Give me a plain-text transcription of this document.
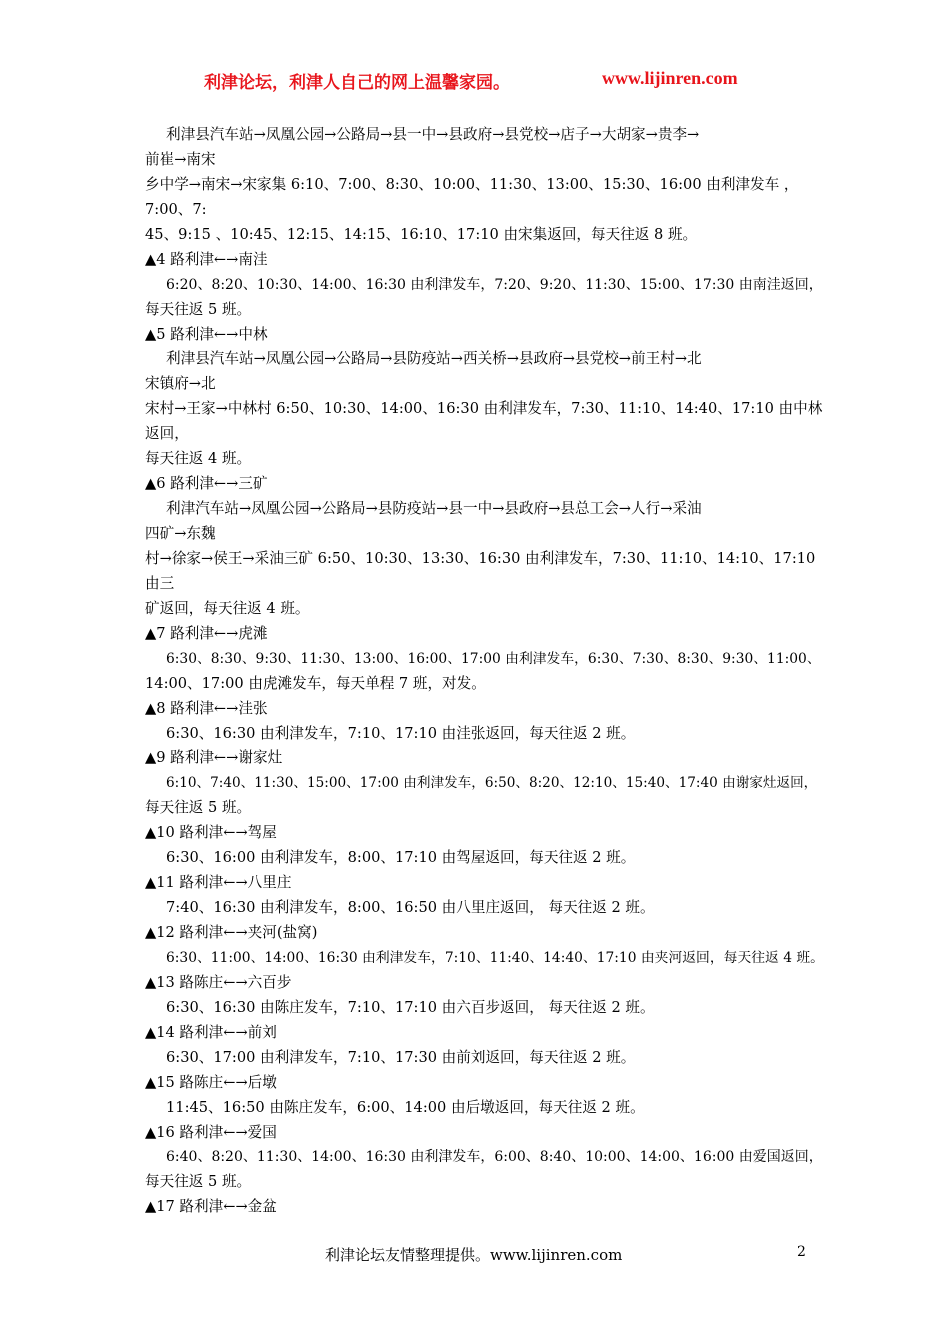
利津论坛，利津人自己的网上温馨家园。	www.lijinren.com
利津县汽车站→凤凰公园→公路局→县一中→县政府→县党校→店子→大胡家→贵李→
前崔→南宋
乡中学→南宋→宋家集 6:10、7:00、8:30、10:00、11:30、13:00、15:30、16:00 由利津发车 ，
7:00、7:
45、9:15 、10:45、12:15、14:15、16:10、17:10 由宋集返回，每天往返 8 班。
▲4 路利津←→南洼
6:20、8:20、10:30、14:00、16:30 由利津发车，7:20、9:20、11:30、15:00、17:30 由南洼返回，
每天往返 5 班。
▲5 路利津←→中林
利津县汽车站→凤凰公园→公路局→县防疫站→西关桥→县政府→县党校→前王村→北
宋镇府→北
宋村→王家→中林村 6:50、10:30、14:00、16:30 由利津发车，7:30、11:10、14:40、17:10 由中林
返回，
每天往返 4 班。
▲6 路利津←→三矿
利津汽车站→凤凰公园→公路局→县防疫站→县一中→县政府→县总工会→人行→采油
四矿→东魏
村→徐家→侯王→采油三矿 6:50、10:30、13:30、16:30 由利津发车，7:30、11:10、14:10、17:10
由三
矿返回，每天往返 4 班。
▲7 路利津←→虎滩
6:30、8:30、9:30、11:30、13:00、16:00、17:00 由利津发车，6:30、7:30、8:30、9:30、11:00、
14:00、17:00 由虎滩发车，每天单程 7 班，对发。
▲8 路利津←→洼张
6:30、16:30 由利津发车，7:10、17:10 由洼张返回，每天往返 2 班。
▲9 路利津←→谢家灶
6:10、7:40、11:30、15:00、17:00 由利津发车，6:50、8:20、12:10、15:40、17:40 由谢家灶返回，
每天往返 5 班。
▲10 路利津←→驾屋
6:30、16:00 由利津发车，8:00、17:10 由驾屋返回，每天往返 2 班。
▲11 路利津←→八里庄
7:40、16:30 由利津发车，8:00、16:50 由八里庄返回， 每天往返 2 班。
▲12 路利津←→夹河(盐窝)
6:30、11:00、14:00、16:30 由利津发车，7:10、11:40、14:40、17:10 由夹河返回，每天往返 4 班。
▲13 路陈庄←→六百步
6:30、16:30 由陈庄发车，7:10、17:10 由六百步返回， 每天往返 2 班。
▲14 路利津←→前刘
6:30、17:00 由利津发车，7:10、17:30 由前刘返回，每天往返 2 班。
▲15 路陈庄←→后墩
11:45、16:50 由陈庄发车，6:00、14:00 由后墩返回，每天往返 2 班。
▲16 路利津←→爱国
6:40、8:20、11:30、14:00、16:30 由利津发车，6:00、8:40、10:00、14:00、16:00 由爱国返回，
每天往返 5 班。
▲17 路利津←→金盆
利津论坛友情整理提供。www.lijinren.com	2
